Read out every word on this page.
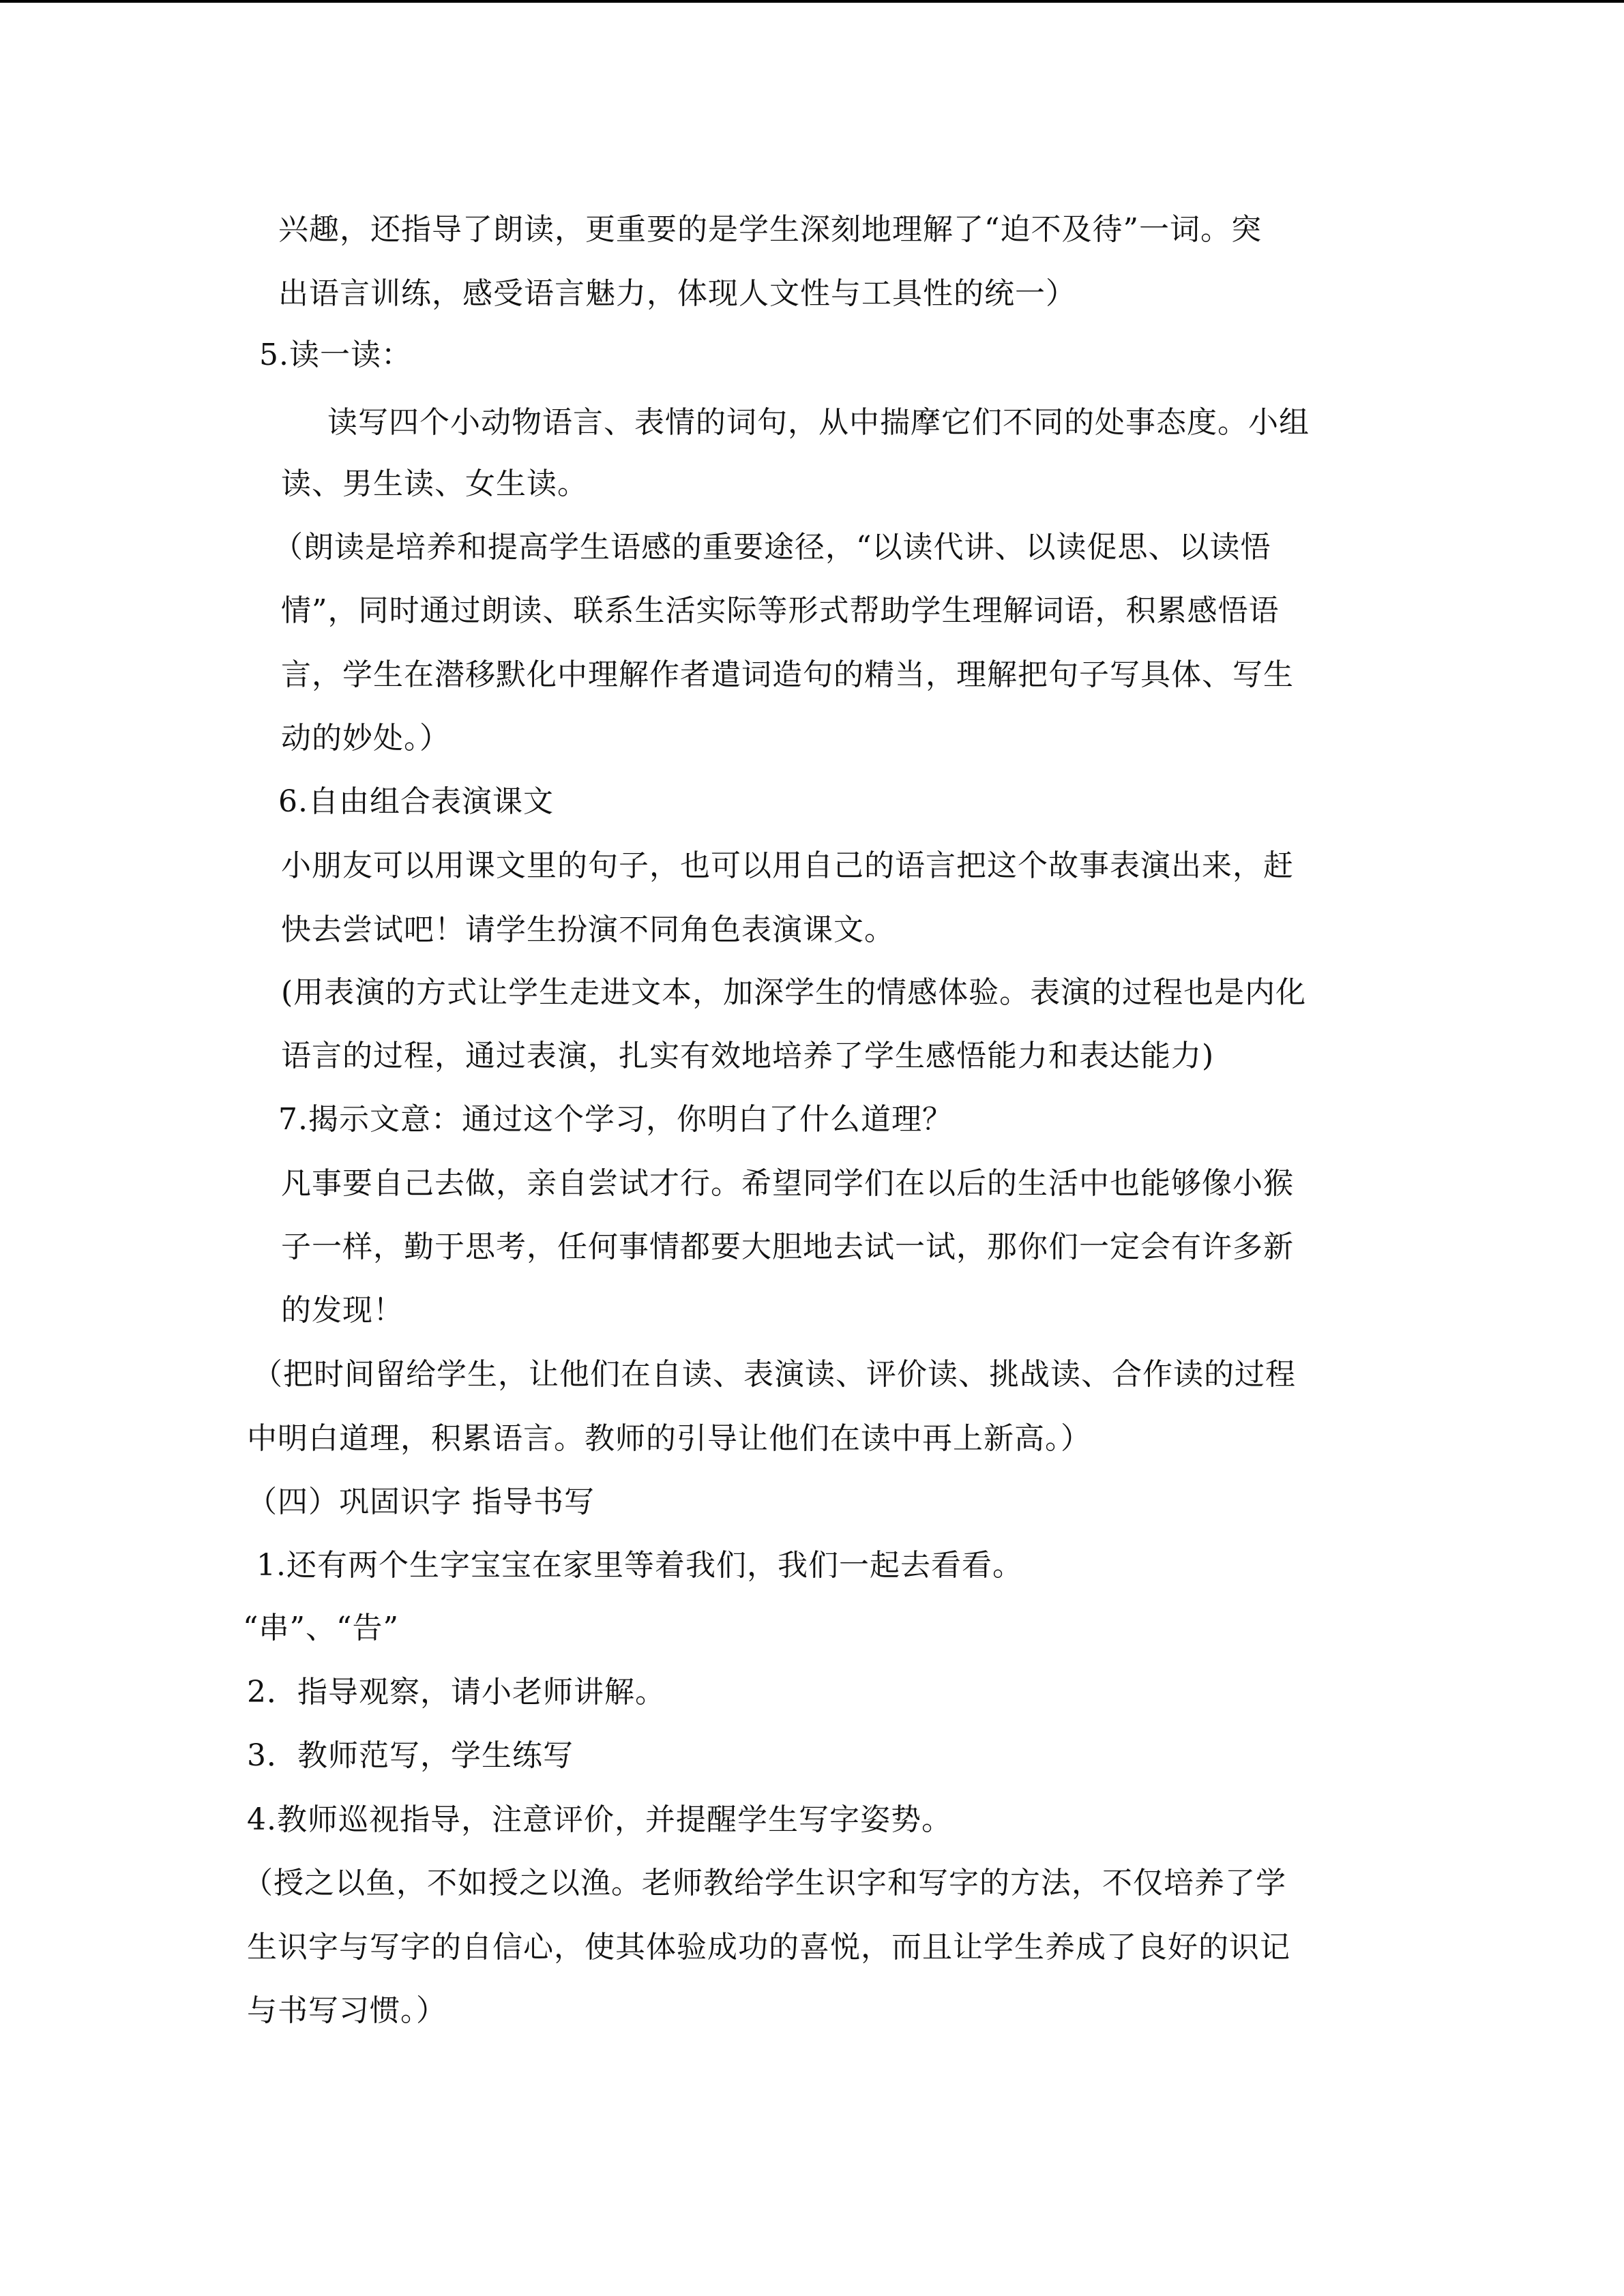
兴趣，还指导了朗读，更重要的是学生深刻地理解了“迫不及待”一词。突
出语言训练，感受语言魅力，体现人文性与工具性的统一）
5.读一读：
读写四个小动物语言、表情的词句，从中揣摩它们不同的处事态度。小组
读、男生读、女生读。
（朗读是培养和提高学生语感的重要途径，“以读代讲、以读促思、以读悟
情”，同时通过朗读、联系生活实际等形式帮助学生理解词语，积累感悟语
言，学生在潜移默化中理解作者遣词造句的精当，理解把句子写具体、写生
动的妙处。）
6.自由组合表演课文
小朋友可以用课文里的句子，也可以用自己的语言把这个故事表演出来，赶
快去尝试吧！请学生扮演不同角色表演课文。
(用表演的方式让学生走进文本，加深学生的情感体验。表演的过程也是内化
语言的过程，通过表演，扎实有效地培养了学生感悟能力和表达能力)
7.揭示文意：通过这个学习，你明白了什么道理？
凡事要自己去做，亲自尝试才行。希望同学们在以后的生活中也能够像小猴
子一样，勤于思考，任何事情都要大胆地去试一试，那你们一定会有许多新
的发现！
（把时间留给学生，让他们在自读、表演读、评价读、挑战读、合作读的过程
中明白道理，积累语言。教师的引导让他们在读中再上新高。）
（四）巩固识字 指导书写
1.还有两个生字宝宝在家里等着我们，我们一起去看看。
“串”、“告”
2．指导观察，请小老师讲解。
3．教师范写，学生练写
4.教师巡视指导，注意评价，并提醒学生写字姿势。
（授之以鱼，不如授之以渔。老师教给学生识字和写字的方法，不仅培养了学
生识字与写字的自信心，使其体验成功的喜悦，而且让学生养成了良好的识记
与书写习惯。）
